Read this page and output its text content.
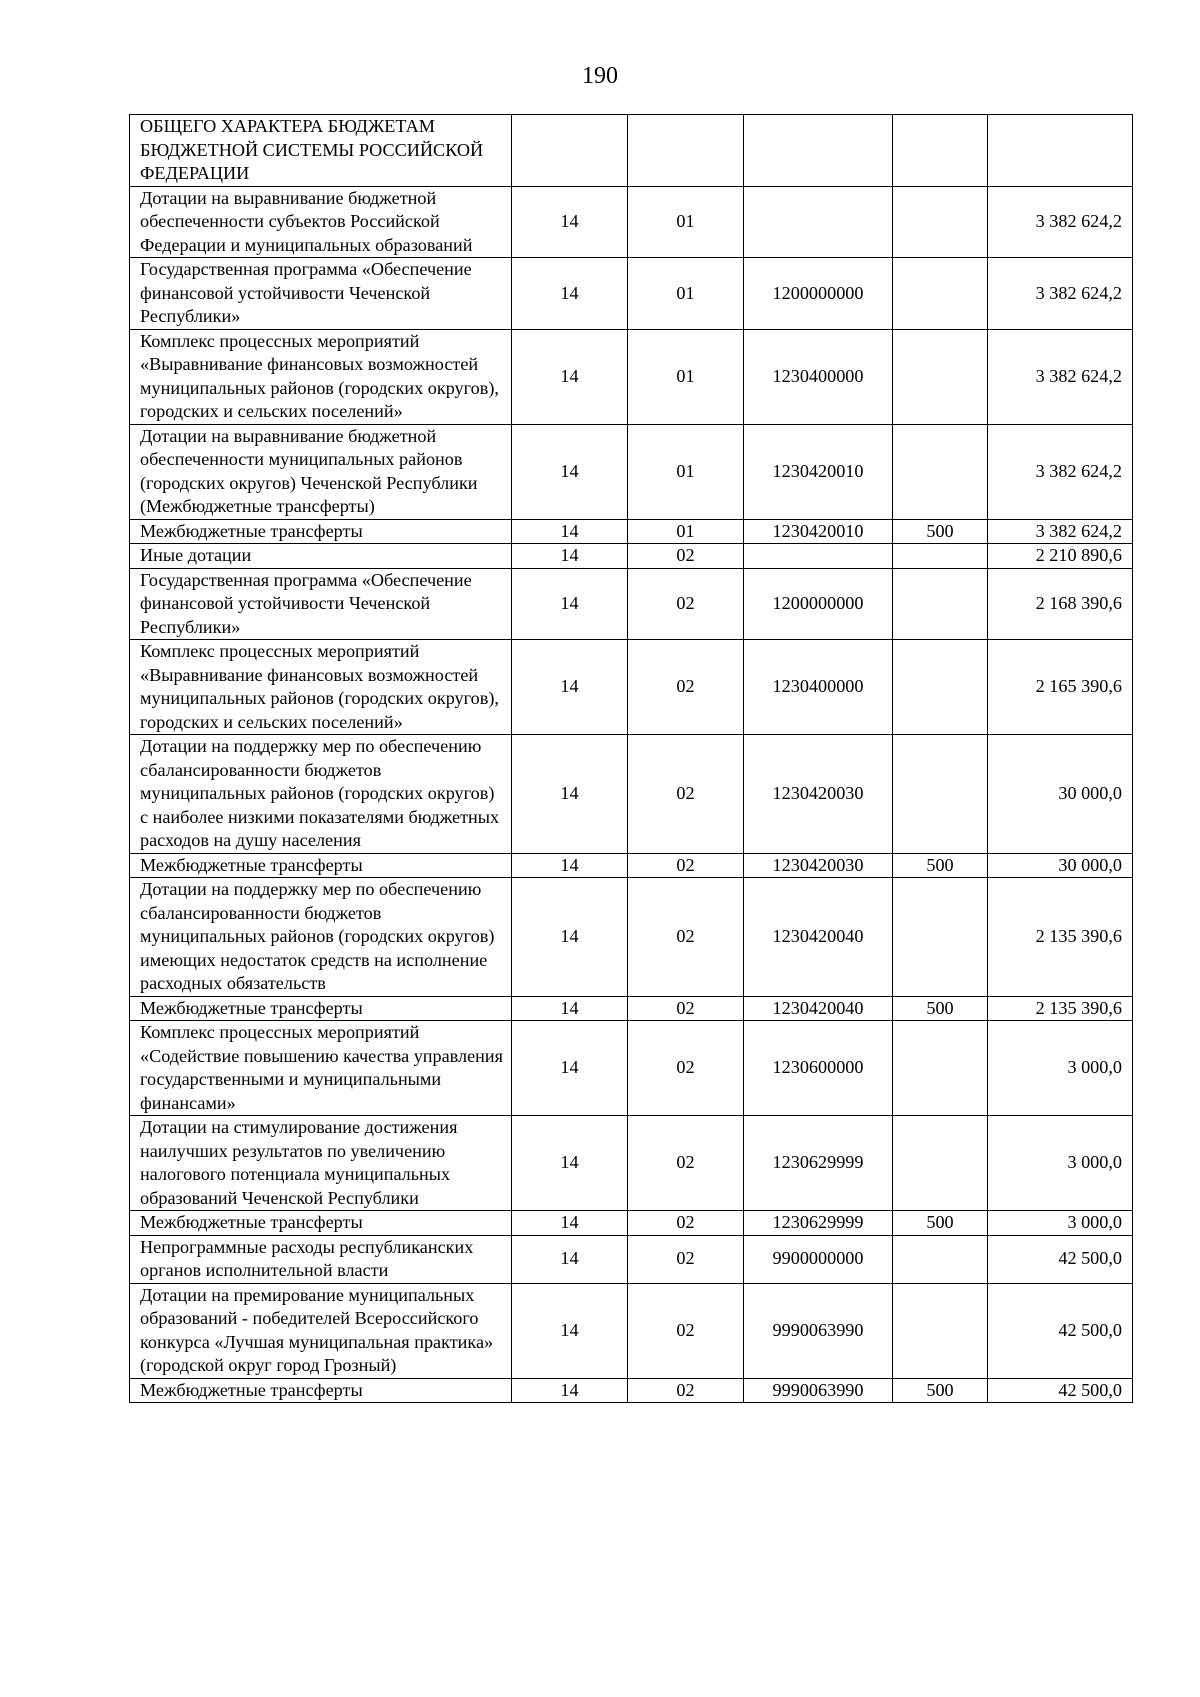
190
ОБЩЕГО ХАРАКТЕРА БЮДЖЕТАМ БЮДЖЕТНОЙ СИСТЕМЫ РОССИЙСКОЙ ФЕДЕРАЦИИ					
Дотации на выравнивание бюджетной обеспеченности субъектов Российской Федерации и муниципальных образований	14	01			3 382 624,2
Государственная программа «Обеспечение финансовой устойчивости Чеченской Республики»	14	01	1200000000		3 382 624,2
Комплекс процессных мероприятий «Выравнивание финансовых возможностей муниципальных районов (городских округов), городских и сельских поселений»	14	01	1230400000		3 382 624,2
Дотации на выравнивание бюджетной обеспеченности муниципальных районов (городских округов) Чеченской Республики (Межбюджетные трансферты)	14	01	1230420010		3 382 624,2
Межбюджетные трансферты	14	01	1230420010	500	3 382 624,2
Иные дотации	14	02			2 210 890,6
Государственная программа «Обеспечение финансовой устойчивости Чеченской Республики»	14	02	1200000000		2 168 390,6
Комплекс процессных мероприятий «Выравнивание финансовых возможностей муниципальных районов (городских округов), городских и сельских поселений»	14	02	1230400000		2 165 390,6
Дотации на поддержку мер по обеспечению сбалансированности бюджетов муниципальных районов (городских округов) с наиболее низкими показателями бюджетных расходов на душу населения	14	02	1230420030		30 000,0
Межбюджетные трансферты	14	02	1230420030	500	30 000,0
Дотации на поддержку мер по обеспечению сбалансированности бюджетов муниципальных районов (городских округов) имеющих недостаток средств на исполнение расходных обязательств	14	02	1230420040		2 135 390,6
Межбюджетные трансферты	14	02	1230420040	500	2 135 390,6
Комплекс процессных мероприятий «Содействие повышению качества управления государственными и муниципальными финансами»	14	02	1230600000		3 000,0
Дотации на стимулирование достижения наилучших результатов по увеличению налогового потенциала муниципальных образований Чеченской Республики	14	02	1230629999		3 000,0
Межбюджетные трансферты	14	02	1230629999	500	3 000,0
Непрограммные расходы республиканских органов исполнительной власти	14	02	9900000000		42 500,0
Дотации на премирование муниципальных образований - победителей Всероссийского конкурса «Лучшая муниципальная практика» (городской округ город Грозный)	14	02	9990063990		42 500,0
Межбюджетные трансферты	14	02	9990063990	500	42 500,0
